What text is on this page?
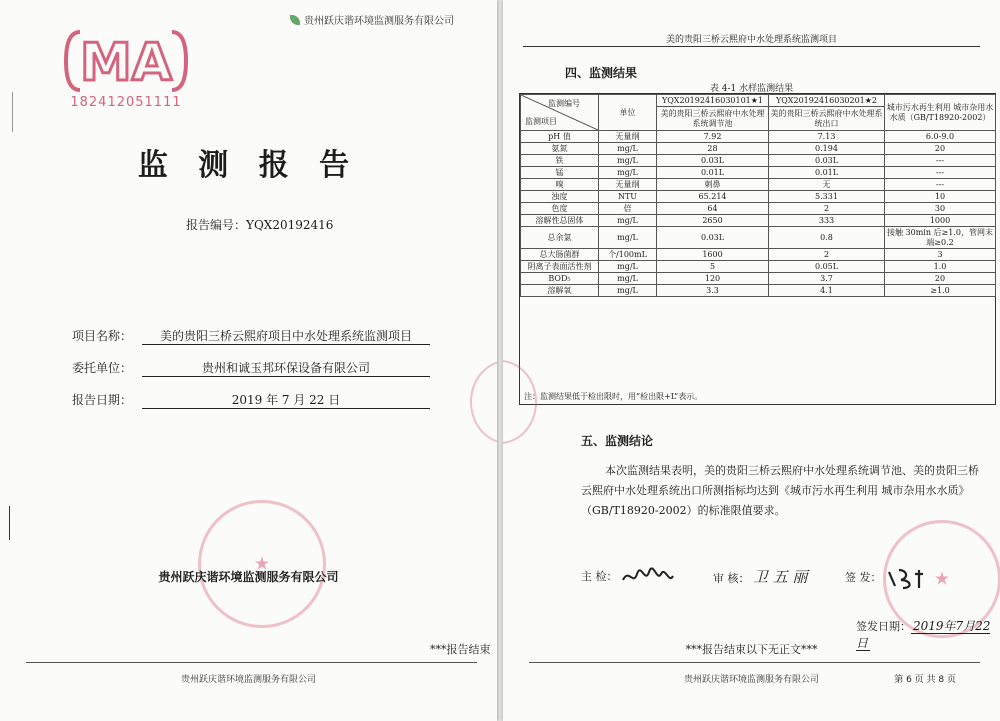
贵州跃庆谐环境监测服务有限公司
MA
182412051111
监 测 报 告
报告编号：YQX20192416
项目名称：	美的贵阳三桥云熙府项目中水处理系统监测项目
委托单位：	贵州和诚玉邦环保设备有限公司
报告日期：	2019 年 7 月 22 日
★
贵州跃庆谐环境监测服务有限公司
***报告结束
贵州跃庆谐环境监测服务有限公司
美的贵阳三桥云熙府中水处理系统监测项目
四、监测结果
表 4-1 水样监测结果
监测编号
监测项目	单位	YQX20192416030101★1	YQX20192416030201★2	城市污水再生利用 城市杂用水水质（GB/T18920-2002）
		美的贵阳三桥云熙府中水处理系统调节池	美的贵阳三桥云熙府中水处理系统出口	
pH 值	无量纲	7.92	7.13	6.0-9.0
氨氮	mg/L	28	0.194	20
铁	mg/L	0.03L	0.03L	---
锰	mg/L	0.01L	0.01L	---
嗅	无量纲	刺鼻	无	---
浊度	NTU	65.214	5.331	10
色度	倍	64	2	30
溶解性总固体	mg/L	2650	333	1000
总余氯	mg/L	0.03L	0.8	接触 30min 后≥1.0，管网末端≥0.2
总大肠菌群	个/100mL	1600	2	3
阴离子表面活性剂	mg/L	5	0.05L	1.0
BOD₅	mg/L	120	3.7	20
溶解氧	mg/L	3.3	4.1	≥1.0
注：监测结果低于检出限时，用“检出限+L”表示。
五、监测结论
本次监测结果表明，美的贵阳三桥云熙府中水处理系统调节池、美的贵阳三桥云熙府中水处理系统出口所测指标均达到《城市污水再生利用 城市杂用水水质》（GB/T18920-2002）的标准限值要求。
主 检：	审 核： 卫 五 丽	签 发：	★
签发日期： 2019年7月22日
***报告结束以下无正文***
贵州跃庆谐环境监测服务有限公司	第 6 页 共 8 页
